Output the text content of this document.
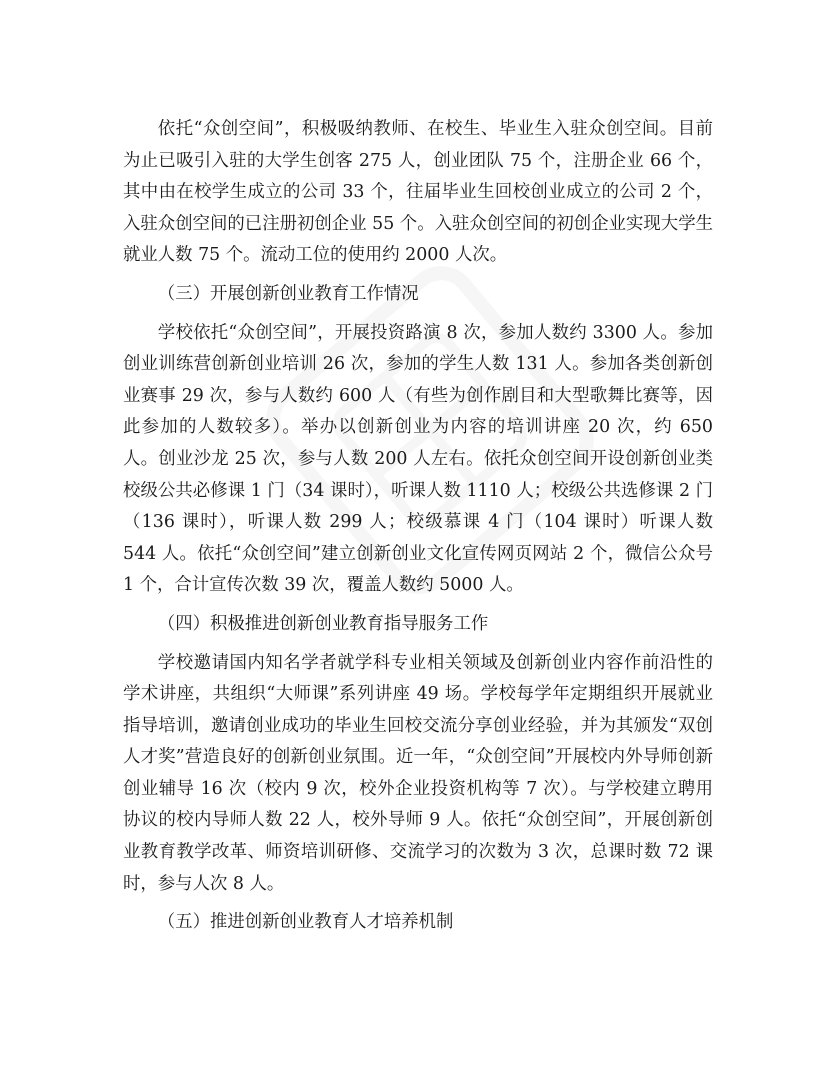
依托“众创空间”，积极吸纳教师、在校生、毕业生入驻众创空间。目前为止已吸引入驻的大学生创客 275 人，创业团队 75 个，注册企业 66 个，其中由在校学生成立的公司 33 个，往届毕业生回校创业成立的公司 2 个，入驻众创空间的已注册初创企业 55 个。入驻众创空间的初创企业实现大学生就业人数 75 个。流动工位的使用约 2000 人次。

（三）开展创新创业教育工作情况

学校依托“众创空间”，开展投资路演 8 次，参加人数约 3300 人。参加创业训练营创新创业培训 26 次，参加的学生人数 131 人。参加各类创新创业赛事 29 次，参与人数约 600 人（有些为创作剧目和大型歌舞比赛等，因此参加的人数较多）。举办以创新创业为内容的培训讲座 20 次，约 650 人。创业沙龙 25 次，参与人数 200 人左右。依托众创空间开设创新创业类校级公共必修课 1 门（34 课时），听课人数 1110 人；校级公共选修课 2 门（136 课时），听课人数 299 人；校级慕课 4 门（104 课时）听课人数 544 人。依托“众创空间”建立创新创业文化宣传网页网站 2 个，微信公众号 1 个，合计宣传次数 39 次，覆盖人数约 5000 人。

（四）积极推进创新创业教育指导服务工作

学校邀请国内知名学者就学科专业相关领域及创新创业内容作前沿性的学术讲座，共组织“大师课”系列讲座 49 场。学校每学年定期组织开展就业指导培训，邀请创业成功的毕业生回校交流分享创业经验，并为其颁发“双创人才奖”营造良好的创新创业氛围。近一年，“众创空间”开展校内外导师创新创业辅导 16 次（校内 9 次，校外企业投资机构等 7 次）。与学校建立聘用协议的校内导师人数 22 人，校外导师 9 人。依托“众创空间”，开展创新创业教育教学改革、师资培训研修、交流学习的次数为 3 次，总课时数 72 课时，参与人次 8 人。

（五）推进创新创业教育人才培养机制
